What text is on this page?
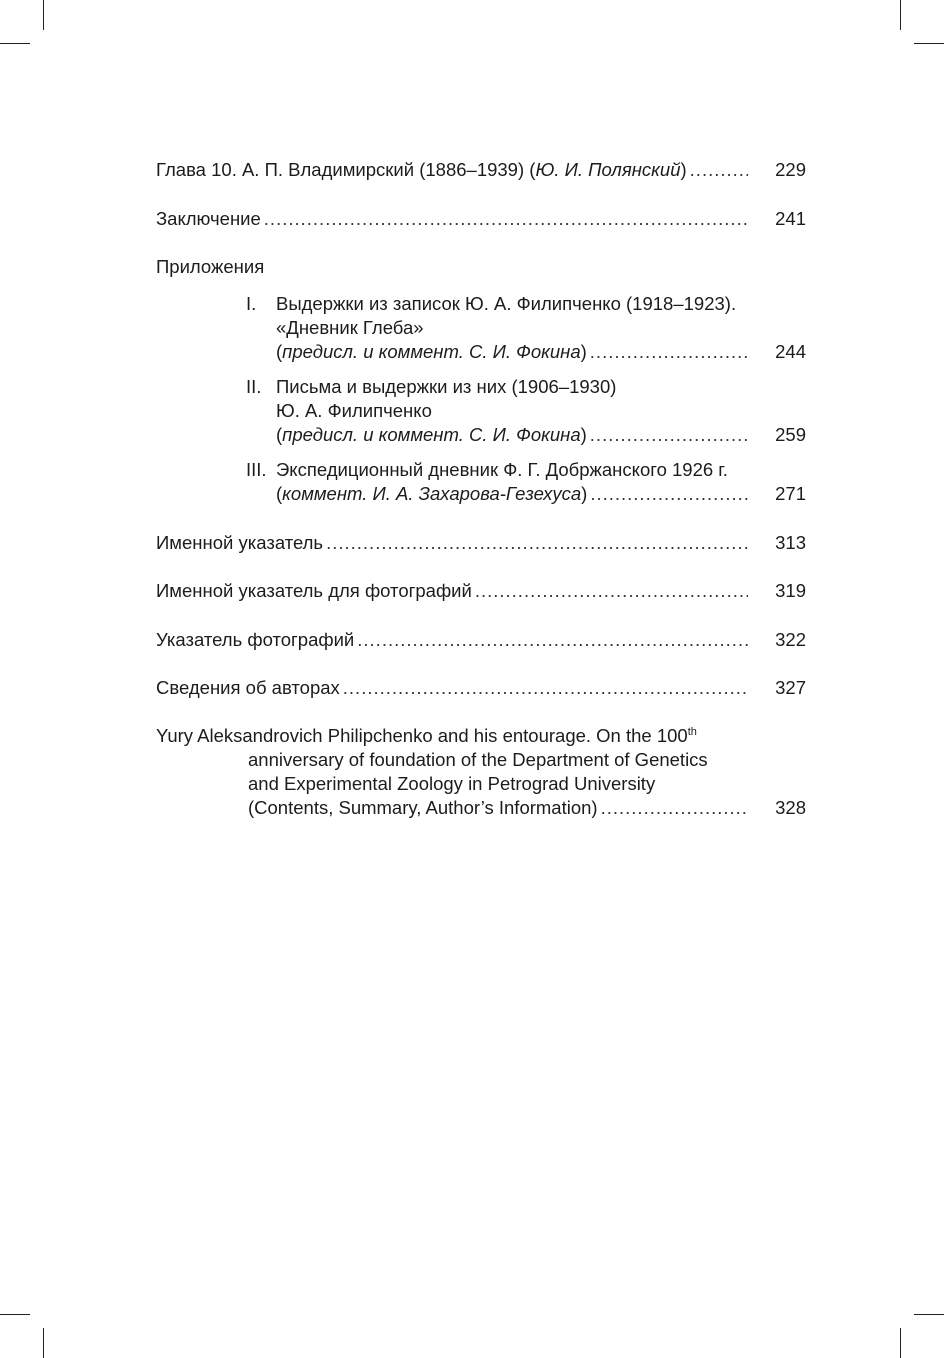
Глава 10. А. П. Владимирский (1886–1939) (Ю. И. Полянский) .....	229
Заключение .....	241
Приложения
I.	Выдержки из записок Ю. А. Филипченко (1918–1923).
«Дневник Глеба»
(предисл. и коммент. С. И. Фокина) .....	244
II. Письма и выдержки из них (1906–1930)
Ю. А. Филипченко
(предисл. и коммент. С. И. Фокина) .....	259
III. Экспедиционный дневник Ф. Г. Добржанского 1926 г.
(коммент. И. А. Захарова-Гезехуса) .....	271
Именной указатель .....	313
Именной указатель для фотографий .....	319
Указатель фотографий .....	322
Сведения об авторах .....	327
Yury Aleksandrovich Philipchenko and his entourage. On the 100th
anniversary of foundation of the Department of Genetics
and Experimental Zoology in Petrograd University
(Contents, Summary, Author’s Information) .....	328
